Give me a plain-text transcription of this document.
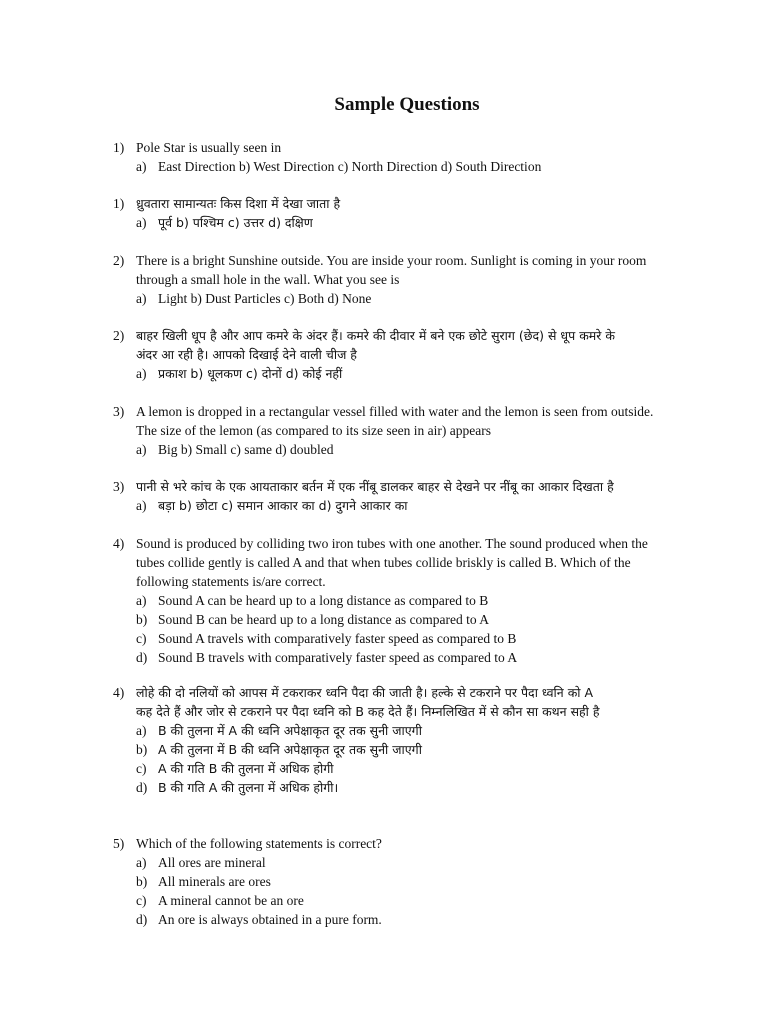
Sample Questions
1) Pole Star is usually seen in
a) East Direction b) West Direction c) North Direction d) South Direction
1) ध्रुवतारा सामान्यतः किस दिशा में देखा जाता है
a) पूर्व b) पश्चिम c) उत्तर d) दक्षिण
2) There is a bright Sunshine outside. You are inside your room. Sunlight is coming in your room
through a small hole in the wall. What you see is
a) Light b) Dust Particles c) Both d) None
2) बाहर खिली धूप है और आप कमरे के अंदर हैं। कमरे की दीवार में बने एक छोटे सुराग (छेद) से धूप कमरे के
अंदर आ रही है। आपको दिखाई देने वाली चीज है
a) प्रकाश b) धूलकण c) दोनों d) कोई नहीं
3) A lemon is dropped in a rectangular vessel filled with water and the lemon is seen from outside.
The size of the lemon (as compared to its size seen in air) appears
a) Big b) Small c) same d) doubled
3) पानी से भरे कांच के एक आयताकार बर्तन में एक नींबू डालकर बाहर से देखने पर नींबू का आकार दिखता है
a) बड़ा b) छोटा c) समान आकार का d) दुगने आकार का
4) Sound is produced by colliding two iron tubes with one another. The sound produced when the
tubes collide gently is called A and that when tubes collide briskly is called B. Which of the
following statements is/are correct.
a) Sound A can be heard up to a long distance as compared to B
b) Sound B can be heard up to a long distance as compared to A
c) Sound A travels with comparatively faster speed as compared to B
d) Sound B travels with comparatively faster speed as compared to A
4) लोहे की दो नलियों को आपस में टकराकर ध्वनि पैदा की जाती है। हल्के से टकराने पर पैदा ध्वनि को A
कह देते हैं और जोर से टकराने पर पैदा ध्वनि को B कह देते हैं। निम्नलिखित में से कौन सा कथन सही है
a) B की तुलना में A की ध्वनि अपेक्षाकृत दूर तक सुनी जाएगी
b) A की तुलना में B की ध्वनि अपेक्षाकृत दूर तक सुनी जाएगी
c) A की गति B की तुलना में अधिक होगी
d) B की गति A की तुलना में अधिक होगी।
5) Which of the following statements is correct?
a) All ores are mineral
b) All minerals are ores
c) A mineral cannot be an ore
d) An ore is always obtained in a pure form.
